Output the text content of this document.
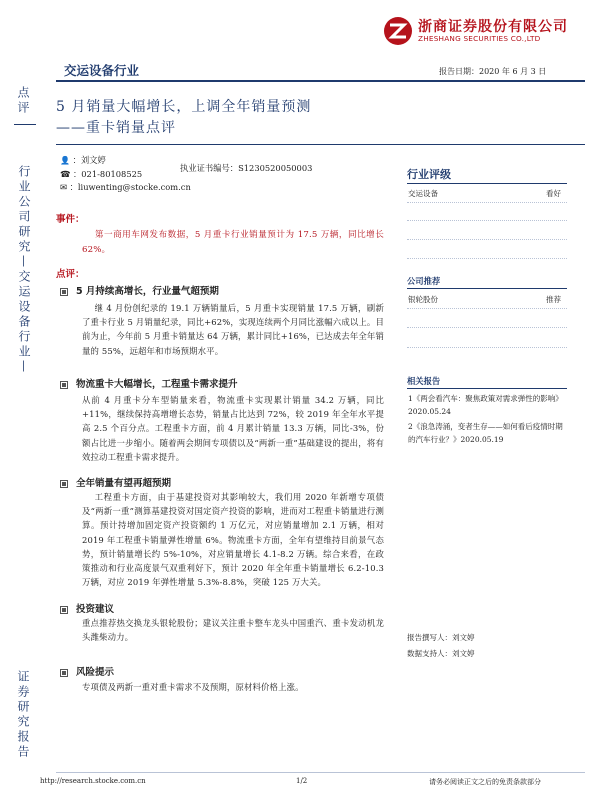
浙商证券股份有限公司
ZHESHANG SECURITIES CO.,LTD
交运设备行业	报告日期：2020 年 6 月 3 日
点评
行业公司研究—交运设备行业—
证券研究报告
5 月销量大幅增长，上调全年销量预测
——重卡销量点评
👤 ：刘文婷
☎ ：021-80108525
✉ ：liuwenting@stocke.com.cn
执业证书编号：S1230520050003
事件：
第一商用车网发布数据，5 月重卡行业销量预计为 17.5 万辆，同比增长 62%。
点评：
5 月持续高增长，行业量气超预期
继 4 月份创纪录的 19.1 万辆销量后，5 月重卡实现销量 17.5 万辆，刷新了重卡行业 5 月销量纪录，同比+62%，实现连续两个月同比涨幅六成以上。目前为止，今年前 5 月重卡销量达 64 万辆，累计同比+16%，已达成去年全年销量的 55%，远超年和市场预期水平。
物流重卡大幅增长，工程重卡需求提升
从前 4 月重卡分车型销量来看，物流重卡实现累计销量 34.2 万辆，同比+11%，继续保持高增增长态势，销量占比达到 72%，较 2019 年全年水平提高 2.5 个百分点。工程重卡方面，前 4 月累计销量 13.3 万辆，同比-3%，份额占比进一步缩小。随着两会期间专项债以及“两新一重”基础建设的提出，将有效拉动工程重卡需求提升。
全年销量有望再超预期
工程重卡方面，由于基建投资对其影响较大，我们用 2020 年新增专项债及“两新一重”测算基建投资对国定资产投资的影响，进而对工程重卡销量进行测算。预计持增加固定资产投资额约 1 万亿元，对应销量增加 2.1 万辆，相对 2019 年工程重卡销量弹性增量 6%。物流重卡方面，全年有望维持目前景气态势，预计销量增长约 5%-10%，对应销量增长 4.1-8.2 万辆。综合来看，在政策推动和行业高度景气双重利好下，预计 2020 年全年重卡销量增长 6.2-10.3 万辆，对应 2019 年弹性增量 5.3%-8.8%，突破 125 万大关。
投资建议
重点推荐热交换龙头银轮股份；建议关注重卡整车龙头中国重汽、重卡发动机龙头潍柴动力。
风险提示
专项债及两新一重对重卡需求不及预期，原材料价格上涨。
行业评级
交运设备	看好
公司推荐
银轮股份	推荐
相关报告
1《两会看汽车：聚焦政策对需求弹性的影响》2020.05.24
2《浪急涛涌，变者生存——如何看后疫情时期的汽车行业？》2020.05.19
报告撰写人：刘文婷
数据支持人：刘文婷
http://research.stocke.com.cn	1/2	请务必阅读正文之后的免责条款部分
